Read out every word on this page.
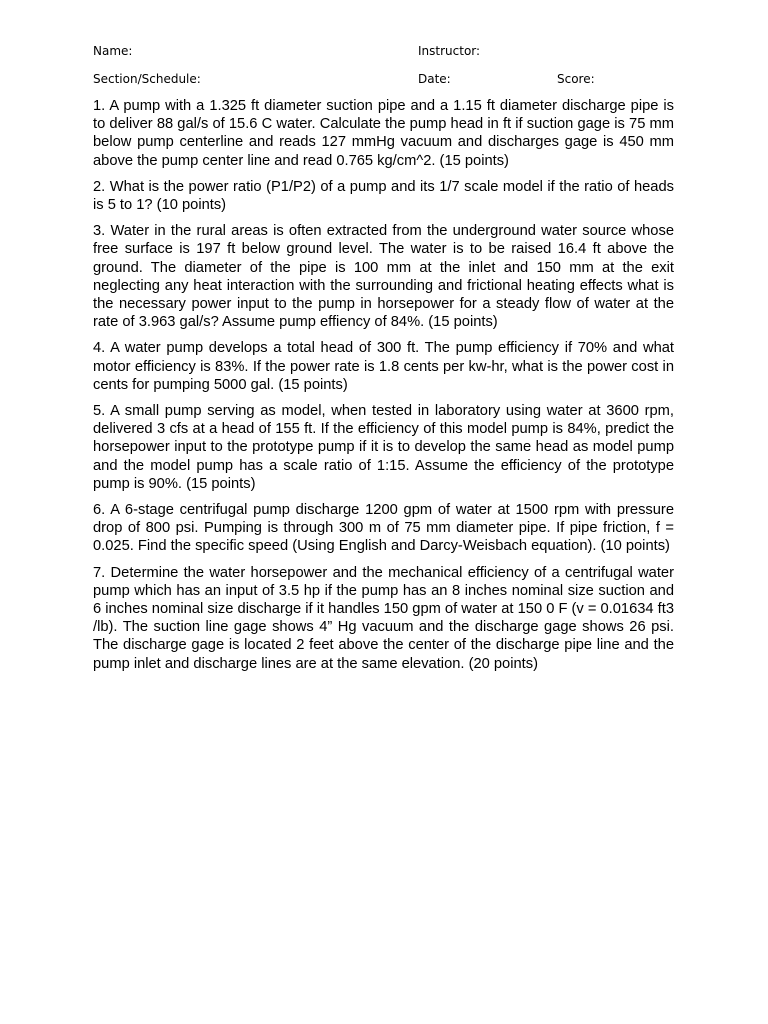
Name:	Instructor:
Section/Schedule:	Date:	Score:

1. A pump with a 1.325 ft diameter suction pipe and a 1.15 ft diameter discharge pipe is to deliver 88 gal/s of 15.6 C water. Calculate the pump head in ft if suction gage is 75 mm below pump centerline and reads 127 mmHg vacuum and discharges gage is 450 mm above the pump center line and read 0.765 kg/cm^2. (15 points)

2. What is the power ratio (P1/P2) of a pump and its 1/7 scale model if the ratio of heads is 5 to 1? (10 points)

3. Water in the rural areas is often extracted from the underground water source whose free surface is 197 ft below ground level. The water is to be raised 16.4 ft above the ground. The diameter of the pipe is 100 mm at the inlet and 150 mm at the exit neglecting any heat interaction with the surrounding and frictional heating effects what is the necessary power input to the pump in horsepower for a steady flow of water at the rate of 3.963 gal/s? Assume pump effiency of 84%. (15 points)

4. A water pump develops a total head of 300 ft. The pump efficiency if 70% and what motor efficiency is 83%. If the power rate is 1.8 cents per kw-hr, what is the power cost in cents for pumping 5000 gal. (15 points)

5. A small pump serving as model, when tested in laboratory using water at 3600 rpm, delivered 3 cfs at a head of 155 ft. If the efficiency of this model pump is 84%, predict the horsepower input to the prototype pump if it is to develop the same head as model pump and the model pump has a scale ratio of 1:15. Assume the efficiency of the prototype pump is 90%. (15 points)

6. A 6-stage centrifugal pump discharge 1200 gpm of water at 1500 rpm with pressure drop of 800 psi. Pumping is through 300 m of 75 mm diameter pipe. If pipe friction, f = 0.025. Find the specific speed (Using English and Darcy-Weisbach equation). (10 points)

7. Determine the water horsepower and the mechanical efficiency of a centrifugal water pump which has an input of 3.5 hp if the pump has an 8 inches nominal size suction and 6 inches nominal size discharge if it handles 150 gpm of water at 150 0 F (v = 0.01634 ft3 /lb). The suction line gage shows 4” Hg vacuum and the discharge gage shows 26 psi. The discharge gage is located 2 feet above the center of the discharge pipe line and the pump inlet and discharge lines are at the same elevation. (20 points)
